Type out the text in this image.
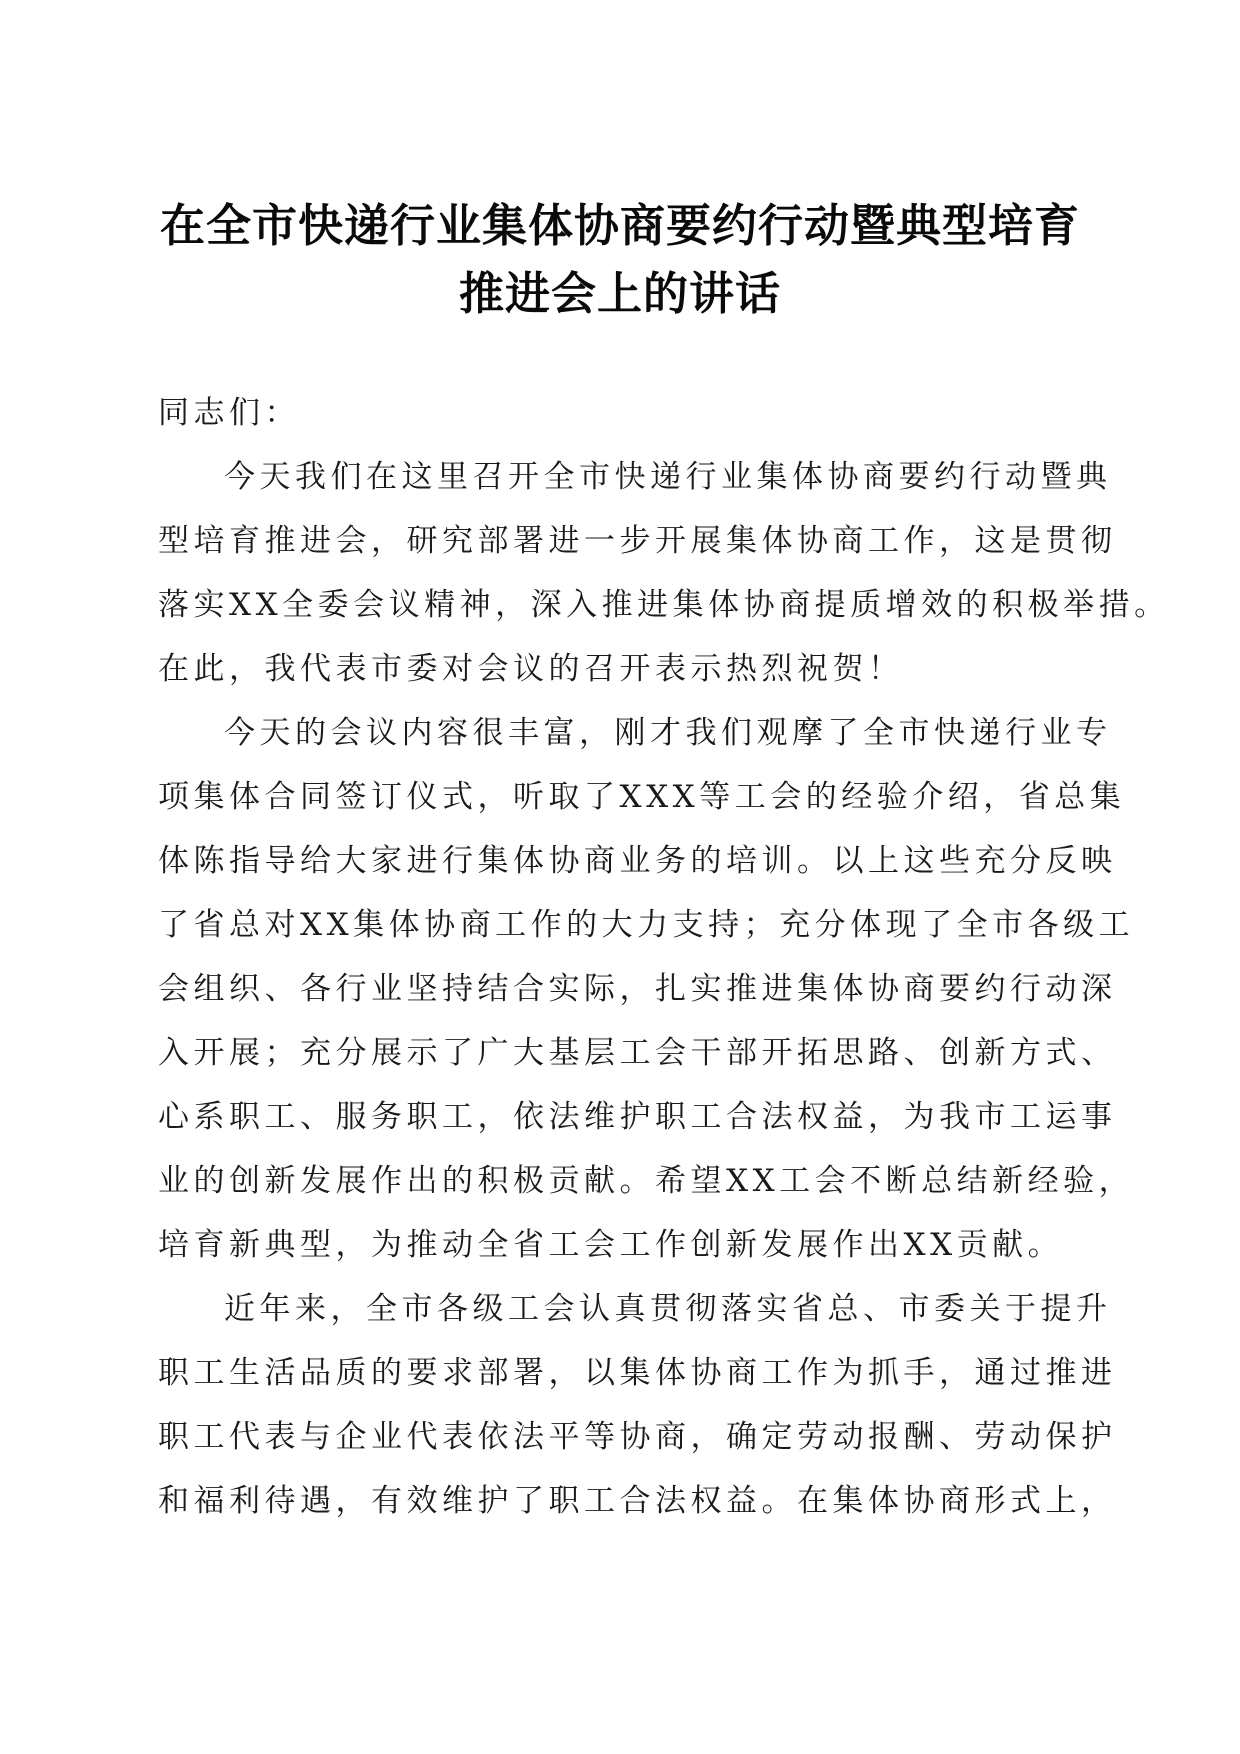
在全市快递行业集体协商要约行动暨典型培育
推进会上的讲话
同志们：
今天我们在这里召开全市快递行业集体协商要约行动暨典
型培育推进会，研究部署进一步开展集体协商工作，这是贯彻
落实XX全委会议精神，深入推进集体协商提质增效的积极举措。
在此，我代表市委对会议的召开表示热烈祝贺！
今天的会议内容很丰富，刚才我们观摩了全市快递行业专
项集体合同签订仪式，听取了XXX等工会的经验介绍，省总集
体陈指导给大家进行集体协商业务的培训。以上这些充分反映
了省总对XX集体协商工作的大力支持；充分体现了全市各级工
会组织、各行业坚持结合实际，扎实推进集体协商要约行动深
入开展；充分展示了广大基层工会干部开拓思路、创新方式、
心系职工、服务职工，依法维护职工合法权益，为我市工运事
业的创新发展作出的积极贡献。希望XX工会不断总结新经验，
培育新典型，为推动全省工会工作创新发展作出XX贡献。
近年来，全市各级工会认真贯彻落实省总、市委关于提升
职工生活品质的要求部署，以集体协商工作为抓手，通过推进
职工代表与企业代表依法平等协商，确定劳动报酬、劳动保护
和福利待遇，有效维护了职工合法权益。在集体协商形式上，
